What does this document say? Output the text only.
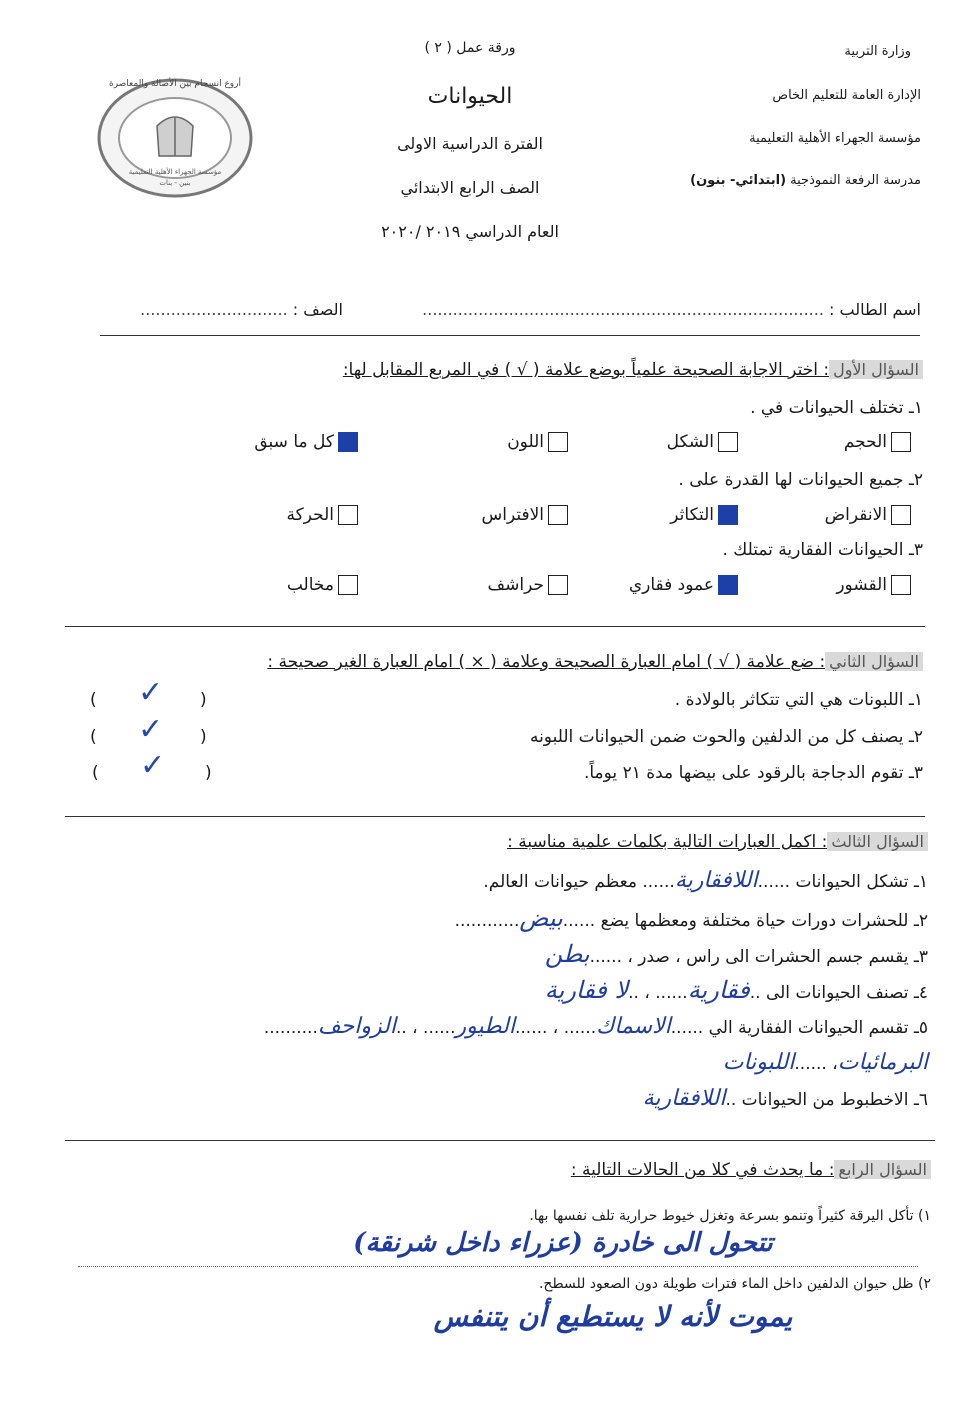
وزارة التربية
الإدارة العامة للتعليم الخاص
مؤسسة الجهراء الأهلية التعليمية
مدرسة الرفعة النموذجية (ابتدائي- بنون)
ورقة عمل ( ٢ )
الحيوانات
الفترة الدراسية الاولى
الصف الرابع الابتدائي
العام الدراسي ٢٠١٩ /٢٠٢٠
أروع انسجام بين الأصالة والمعاصرة
مؤسسة الجهراء الأهلية التعليمية
بنين - بنات
اسم الطالب : ...............................................................................
الصف : .............................
السؤال الأول: اختر الاجابة الصحيحة علمياً بوضع علامة ( √ ) في المربع المقابل لها:
١ـ تختلف الحيوانات في .
الحجم
الشكل
اللون
كل ما سبق
٢ـ جميع الحيوانات لها القدرة على .
الانقراض
التكاثر
الافتراس
الحركة
٣ـ الحيوانات الفقارية تمتلك .
القشور
عمود فقاري
حراشف
مخالب
السؤال الثاني: ضع علامة ( √ ) امام العبارة الصحيحة وعلامة ( × ) امام العبارة الغير صحيحة :
١ـ اللبونات هي التي تتكاثر بالولادة .
( ✓ )
٢ـ يصنف كل من الدلفين والحوت ضمن الحيوانات اللبونه
( ✓ )
٣ـ تقوم الدجاجة بالرقود على بيضها مدة ٢١ يوماً.
( ✓ )
السؤال الثالث: اكمل العبارات التالية بكلمات علمية مناسبة :
١ـ تشكل الحيوانات ......اللافقارية...... معظم حيوانات العالم.
٢ـ للحشرات دورات حياة مختلفة ومعظمها يضع ......بيض............
٣ـ يقسم جسم الحشرات الى راس ، صدر ، ......بطن
٤ـ تصنف الحيوانات الى ..فقارية...... ، ..لا فقارية
٥ـ تقسم الحيوانات الفقارية الي ......الاسماك...... ، ......الطيور...... ، ..الزواحف..........
البرمائيات، ......اللبونات
٦ـ الاخطبوط من الحيوانات ..اللافقارية
السؤال الرابع: ما يحدث في كلا من الحالات التالية :
١) تأكل اليرقة كثيراً وتنمو بسرعة وتغزل خيوط حرارية تلف نفسها بها.
تتحول الى خادرة (عزراء داخل شرنقة)
٢) ظل حيوان الدلفين داخل الماء فترات طويلة دون الصعود للسطح.
يموت لأنه لا يستطيع أن يتنفس
